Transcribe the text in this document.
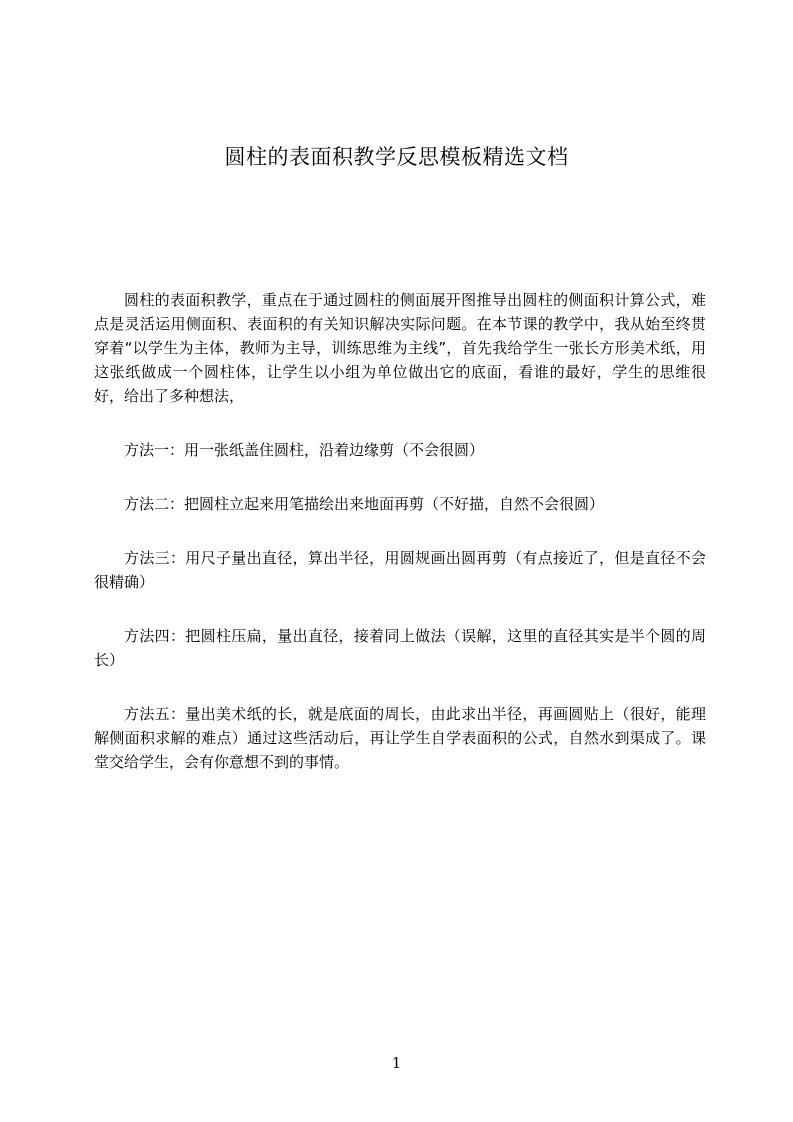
圆柱的表面积教学反思模板精选文档

圆柱的表面积教学，重点在于通过圆柱的侧面展开图推导出圆柱的侧面积计算公式，难点是灵活运用侧面积、表面积的有关知识解决实际问题。在本节课的教学中，我从始至终贯穿着“以学生为主体，教师为主导，训练思维为主线”，首先我给学生一张长方形美术纸，用这张纸做成一个圆柱体，让学生以小组为单位做出它的底面，看谁的最好，学生的思维很好，给出了多种想法，

方法一：用一张纸盖住圆柱，沿着边缘剪（不会很圆）

方法二：把圆柱立起来用笔描绘出来地面再剪（不好描，自然不会很圆）

方法三：用尺子量出直径，算出半径，用圆规画出圆再剪（有点接近了，但是直径不会很精确）

方法四：把圆柱压扁，量出直径，接着同上做法（误解，这里的直径其实是半个圆的周长）

方法五：量出美术纸的长，就是底面的周长，由此求出半径，再画圆贴上（很好，能理解侧面积求解的难点）通过这些活动后，再让学生自学表面积的公式，自然水到渠成了。课堂交给学生，会有你意想不到的事情。

1
